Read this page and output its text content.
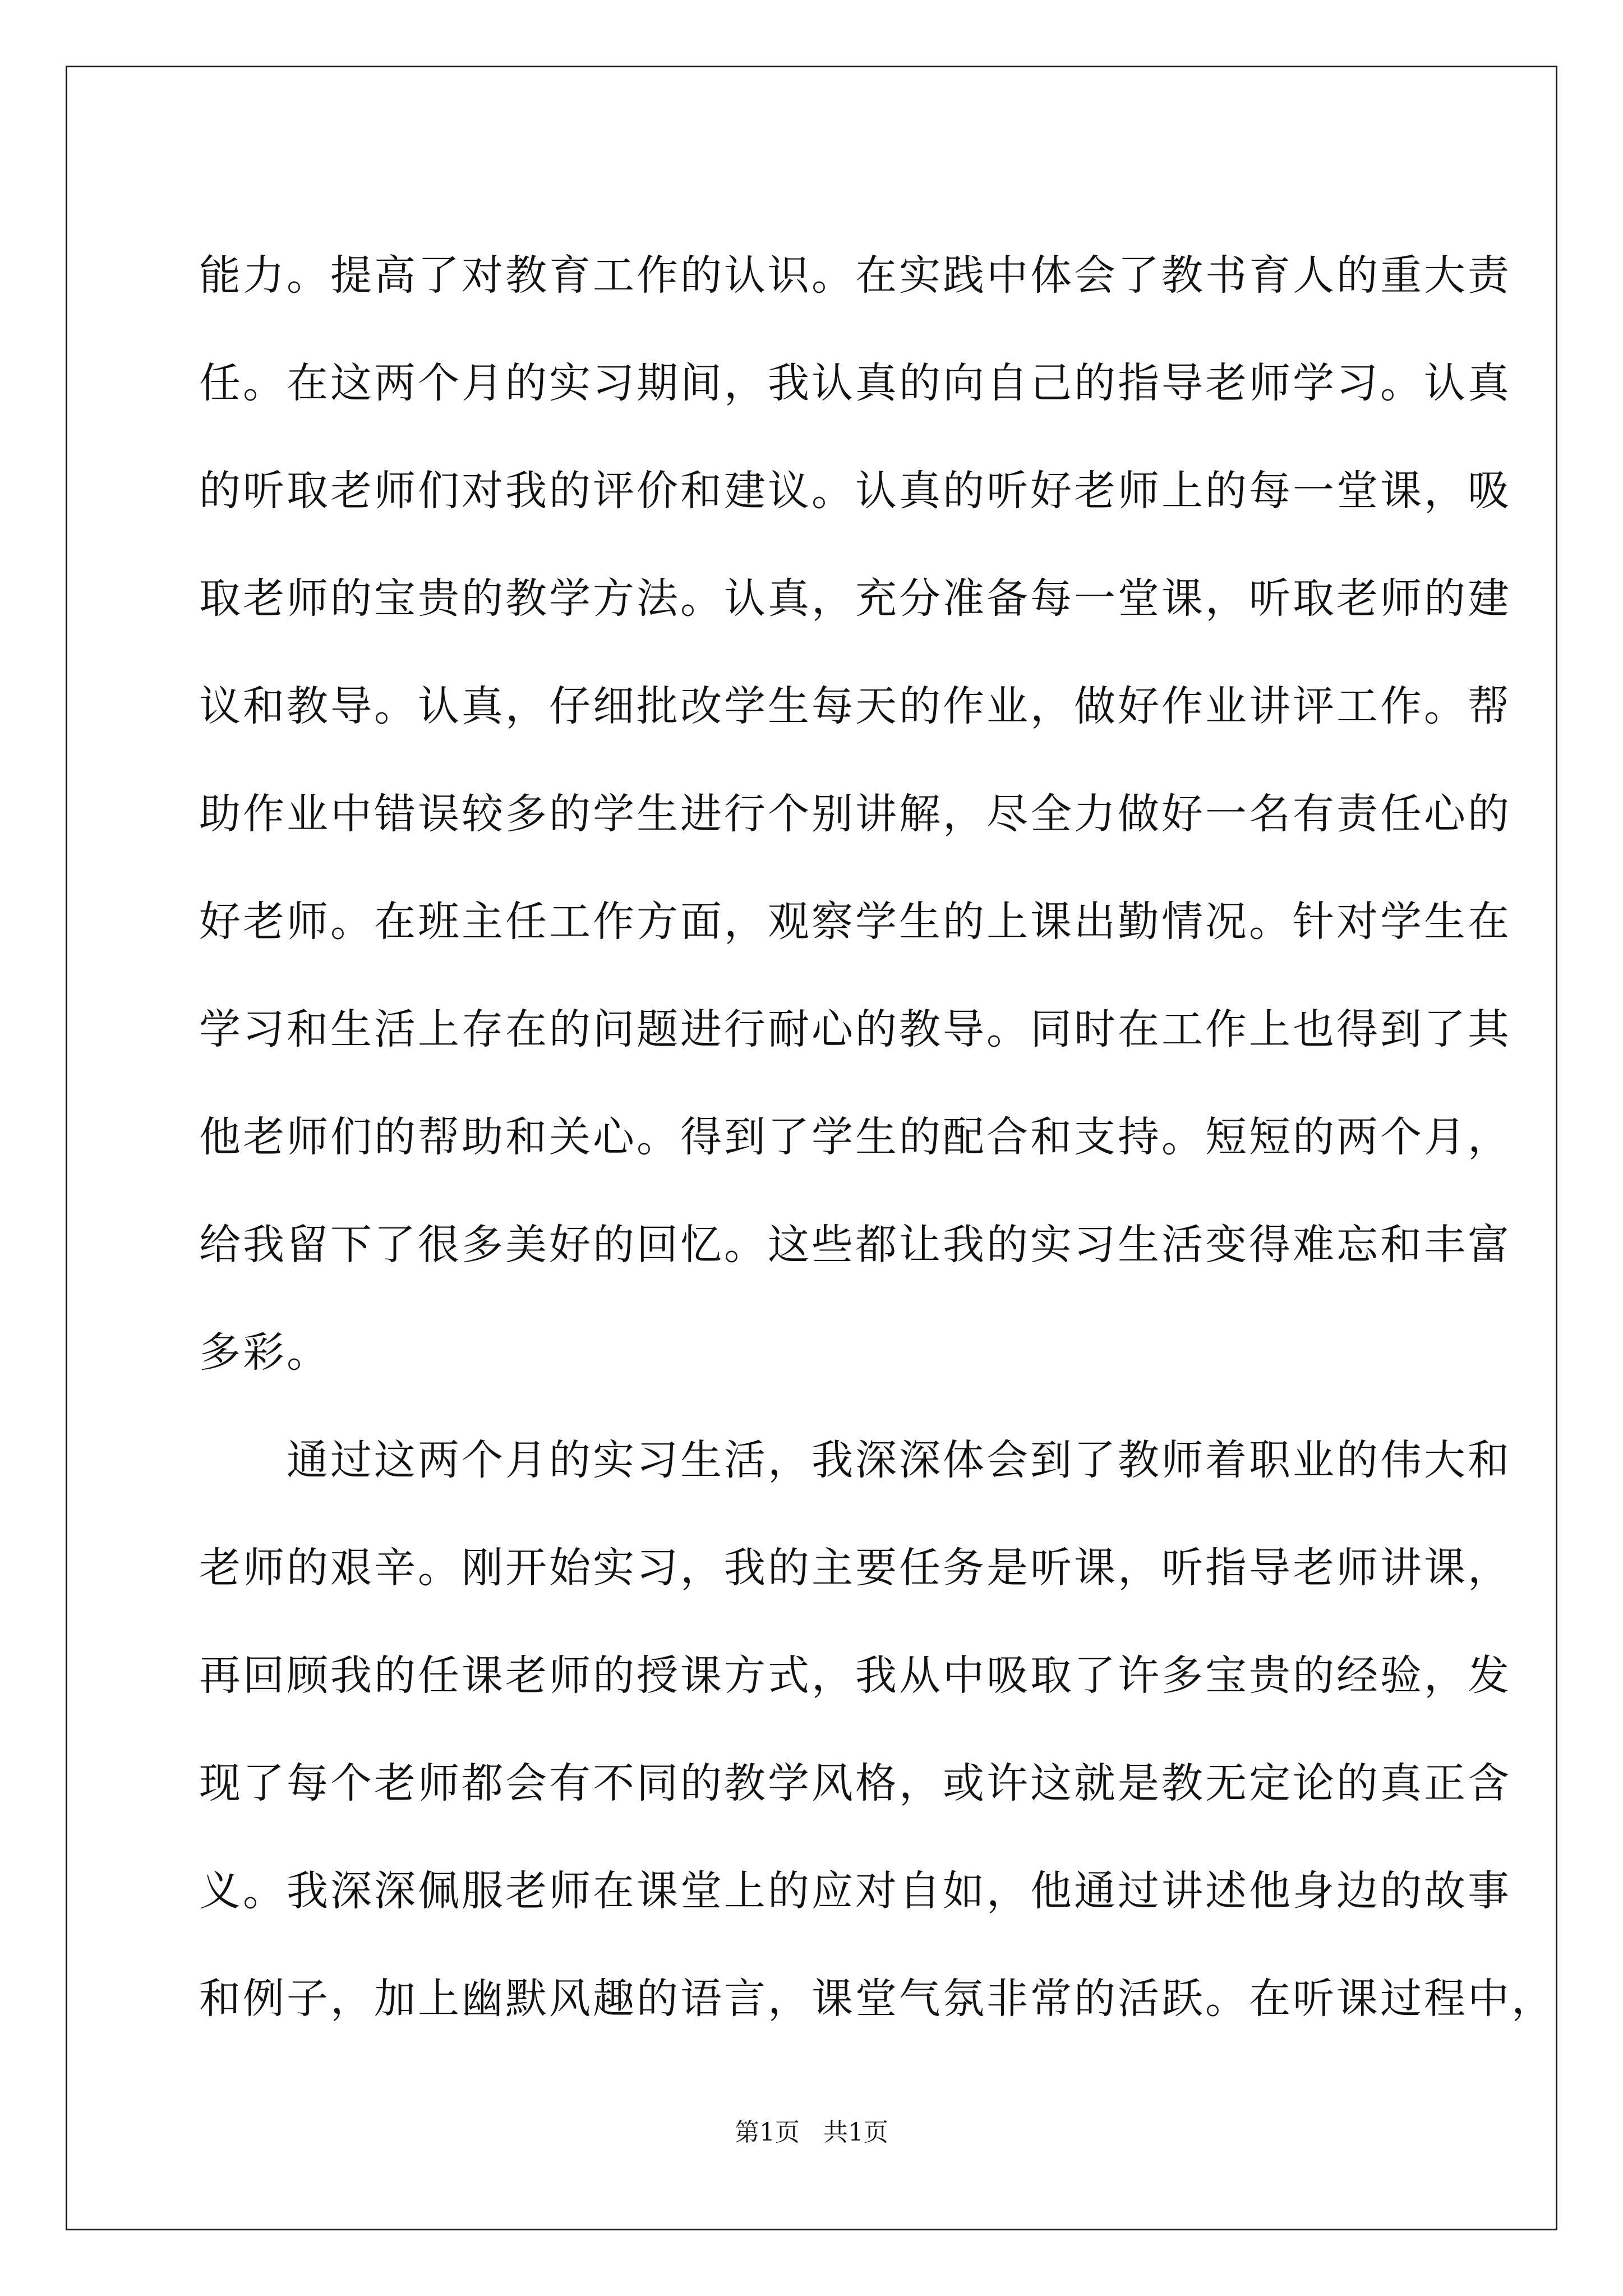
能力。提高了对教育工作的认识。在实践中体会了教书育人的重大责
任。在这两个月的实习期间，我认真的向自己的指导老师学习。认真
的听取老师们对我的评价和建议。认真的听好老师上的每一堂课，吸
取老师的宝贵的教学方法。认真，充分准备每一堂课，听取老师的建
议和教导。认真，仔细批改学生每天的作业，做好作业讲评工作。帮
助作业中错误较多的学生进行个别讲解，尽全力做好一名有责任心的
好老师。在班主任工作方面，观察学生的上课出勤情况。针对学生在
学习和生活上存在的问题进行耐心的教导。同时在工作上也得到了其
他老师们的帮助和关心。得到了学生的配合和支持。短短的两个月，
给我留下了很多美好的回忆。这些都让我的实习生活变得难忘和丰富
多彩。
　　通过这两个月的实习生活，我深深体会到了教师着职业的伟大和
老师的艰辛。刚开始实习，我的主要任务是听课，听指导老师讲课，
再回顾我的任课老师的授课方式，我从中吸取了许多宝贵的经验，发
现了每个老师都会有不同的教学风格，或许这就是教无定论的真正含
义。我深深佩服老师在课堂上的应对自如，他通过讲述他身边的故事
和例子，加上幽默风趣的语言，课堂气氛非常的活跃。在听课过程中，
第1页 共1页
